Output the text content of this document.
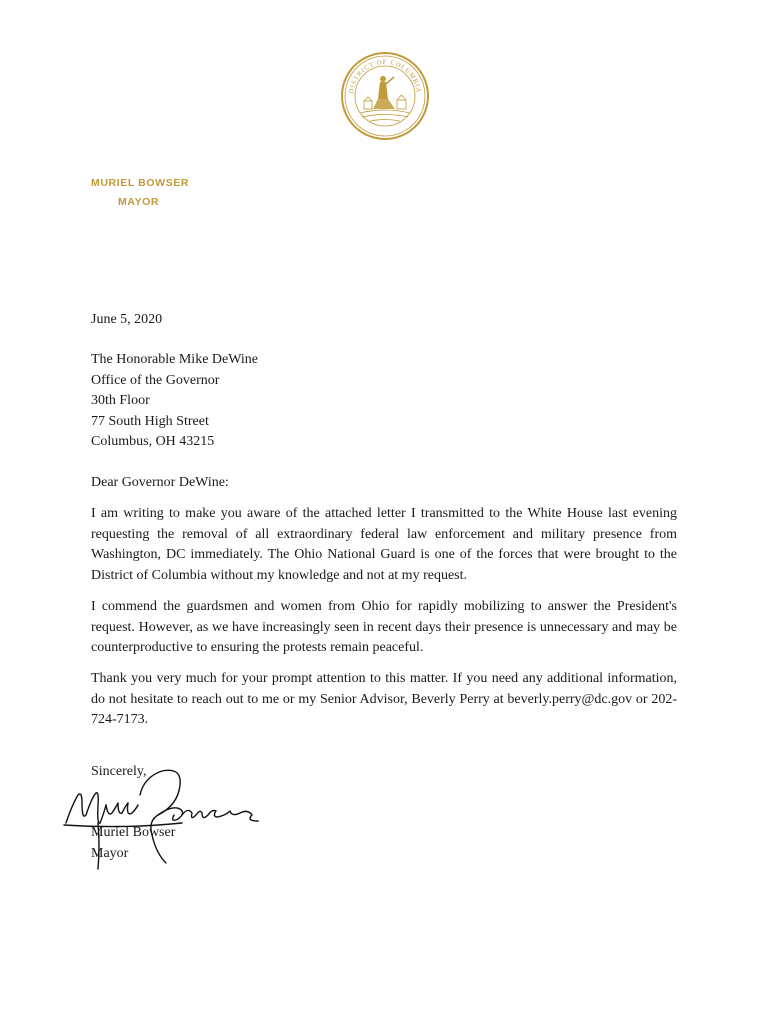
DISTRICT OF COLUMBIA
MURIEL BOWSER
MAYOR
June 5, 2020
The Honorable Mike DeWine
Office of the Governor
30th Floor
77 South High Street
Columbus, OH 43215
Dear Governor DeWine:
I am writing to make you aware of the attached letter I transmitted to the White House last evening requesting the removal of all extraordinary federal law enforcement and military presence from Washington, DC immediately. The Ohio National Guard is one of the forces that were brought to the District of Columbia without my knowledge and not at my request.
I commend the guardsmen and women from Ohio for rapidly mobilizing to answer the President's request. However, as we have increasingly seen in recent days their presence is unnecessary and may be counterproductive to ensuring the protests remain peaceful.
Thank you very much for your prompt attention to this matter. If you need any additional information, do not hesitate to reach out to me or my Senior Advisor, Beverly Perry at beverly.perry@dc.gov or 202-724-7173.
Sincerely,
Muriel Bowser
Mayor
